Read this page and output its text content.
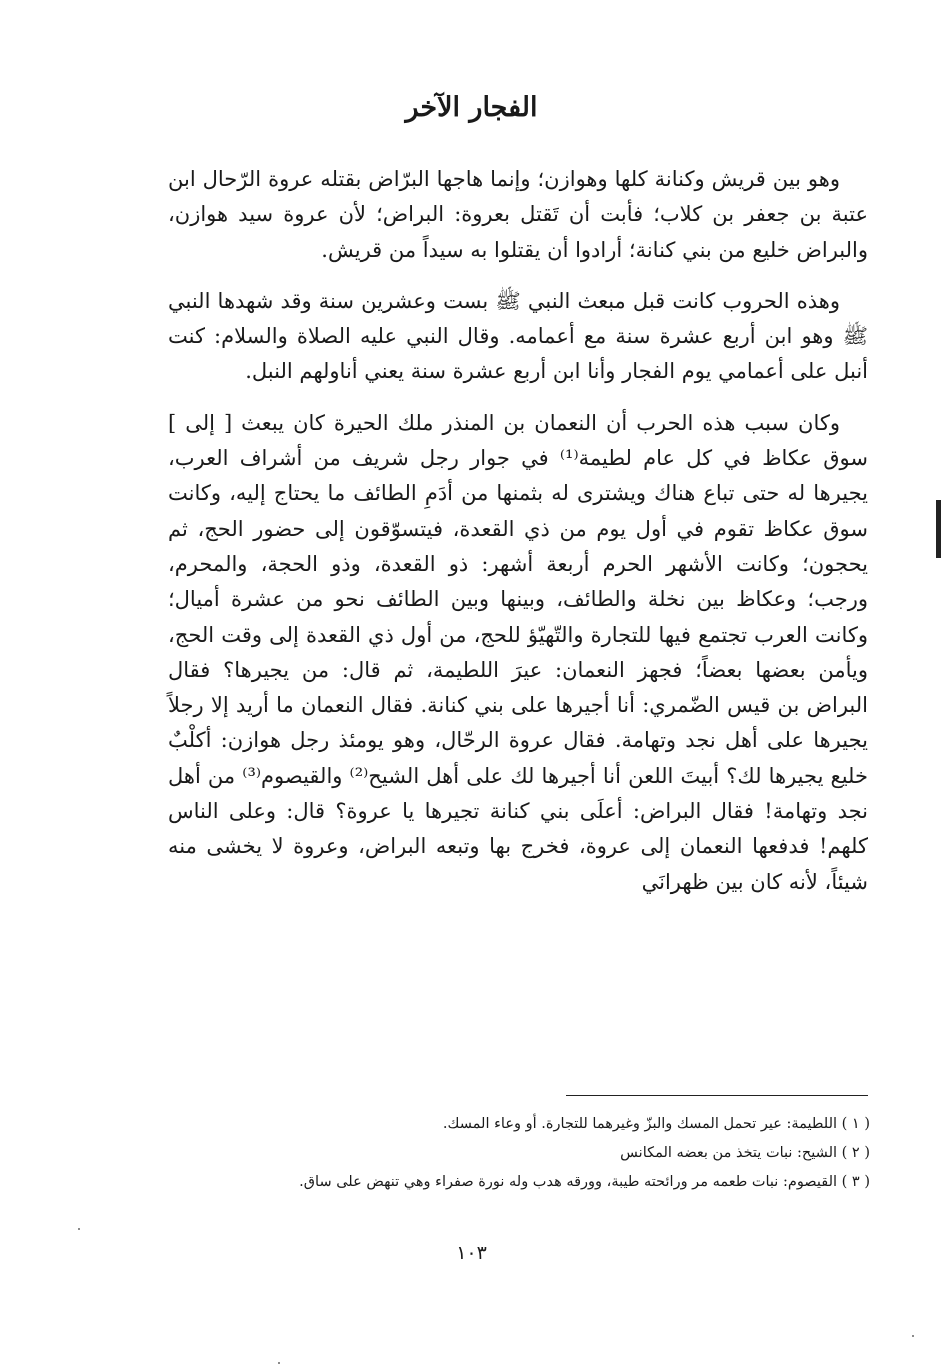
الفجار الآخر

وهو بين قريش وكنانة كلها وهوازن؛ وإنما هاجها البرّاض بقتله عروة الرّحال ابن عتبة بن جعفر بن كلاب؛ فأبت أن تَقتل بعروة: البراض؛ لأن عروة سيد هوازن، والبراض خليع من بني كنانة؛ أرادوا أن يقتلوا به سيداً من قريش.

وهذه الحروب كانت قبل مبعث النبي ﷺ بست وعشرين سنة وقد شهدها النبي ﷺ وهو ابن أربع عشرة سنة مع أعمامه. وقال النبي عليه الصلاة والسلام: كنت أنبل على أعمامي يوم الفجار وأنا ابن أربع عشرة سنة يعني أناولهم النبل.

وكان سبب هذه الحرب أن النعمان بن المنذر ملك الحيرة كان يبعث [ إلى ] سوق عكاظ في كل عام لطيمة⁽¹⁾ في جوار رجل شريف من أشراف العرب، يجيرها له حتى تباع هناك ويشترى له بثمنها من أدَمِ الطائف ما يحتاج إليه، وكانت سوق عكاظ تقوم في أول يوم من ذي القعدة، فيتسوّقون إلى حضور الحج، ثم يحجون؛ وكانت الأشهر الحرم أربعة أشهر: ذو القعدة، وذو الحجة، والمحرم، ورجب؛ وعكاظ بين نخلة والطائف، وبينها وبين الطائف نحو من عشرة أميال؛ وكانت العرب تجتمع فيها للتجارة والتّهيّؤ للحج، من أول ذي القعدة إلى وقت الحج، ويأمن بعضها بعضاً؛ فجهز النعمان: عيرَ اللطيمة، ثم قال: من يجيرها؟ فقال البراض بن قيس الضّمري: أنا أجيرها على بني كنانة. فقال النعمان ما أريد إلا رجلاً يجيرها على أهل نجد وتهامة. فقال عروة الرحّال، وهو يومئذ رجل هوازن: أكلْبٌ خليع يجيرها لك؟ أبيتَ اللعن أنا أجيرها لك على أهل الشيح⁽²⁾ والقيصوم⁽³⁾ من أهل نجد وتهامة! فقال البراض: أعلَى بني كنانة تجيرها يا عروة؟ قال: وعلى الناس كلهم! فدفعها النعمان إلى عروة، فخرج بها وتبعه البراض، وعروة لا يخشى منه شيئاً، لأنه كان بين ظهرانَي

( ١ ) اللطيمة: عير تحمل المسك والبزّ وغيرهما للتجارة. أو وعاء المسك.
( ٢ ) الشيح: نبات يتخذ من بعضه المكانس
( ٣ ) القيصوم: نبات طعمه مر ورائحته طيبة، وورقه هدب وله نورة صفراء وهي تنهض على ساق.
١٠٣
